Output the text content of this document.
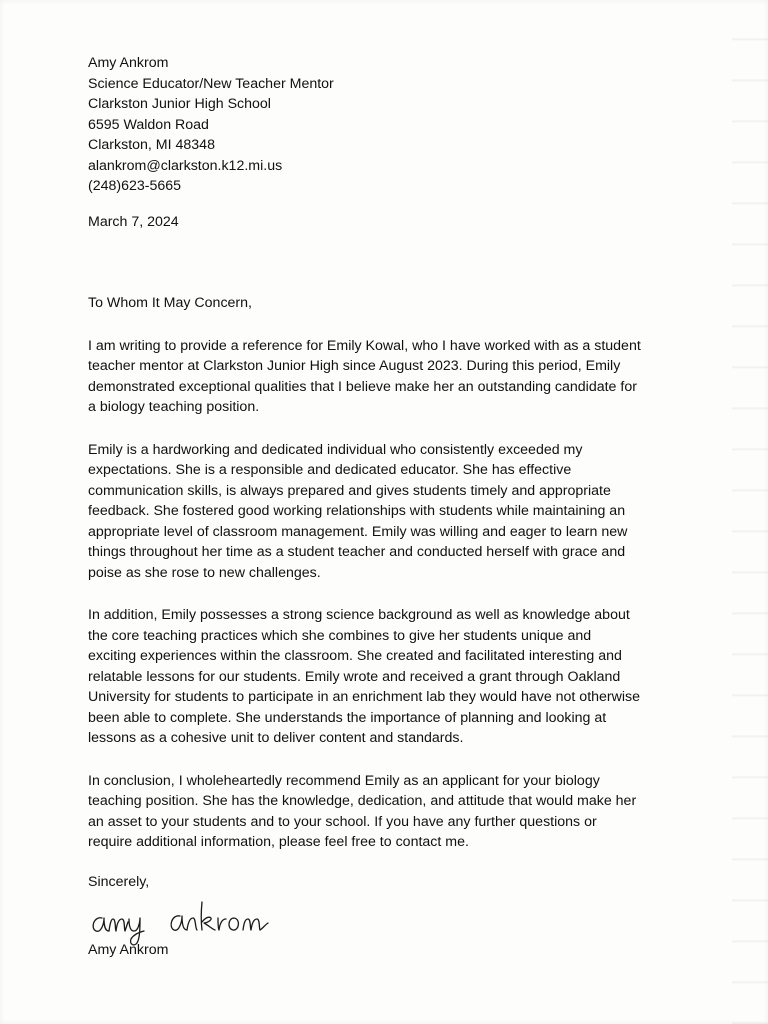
Amy Ankrom
Science Educator/New Teacher Mentor
Clarkston Junior High School
6595 Waldon Road
Clarkston, MI 48348
alankrom@clarkston.k12.mi.us
(248)623-5665
March 7, 2024
To Whom It May Concern,
I am writing to provide a reference for Emily Kowal, who I have worked with as a student
teacher mentor at Clarkston Junior High since August 2023. During this period, Emily
demonstrated exceptional qualities that I believe make her an outstanding candidate for
a biology teaching position.
Emily is a hardworking and dedicated individual who consistently exceeded my
expectations. She is a responsible and dedicated educator. She has effective
communication skills, is always prepared and gives students timely and appropriate
feedback. She fostered good working relationships with students while maintaining an
appropriate level of classroom management. Emily was willing and eager to learn new
things throughout her time as a student teacher and conducted herself with grace and
poise as she rose to new challenges.
In addition, Emily possesses a strong science background as well as knowledge about
the core teaching practices which she combines to give her students unique and
exciting experiences within the classroom. She created and facilitated interesting and
relatable lessons for our students. Emily wrote and received a grant through Oakland
University for students to participate in an enrichment lab they would have not otherwise
been able to complete. She understands the importance of planning and looking at
lessons as a cohesive unit to deliver content and standards.
In conclusion, I wholeheartedly recommend Emily as an applicant for your biology
teaching position. She has the knowledge, dedication, and attitude that would make her
an asset to your students and to your school. If you have any further questions or
require additional information, please feel free to contact me.
Sincerely,
Amy Ankrom
